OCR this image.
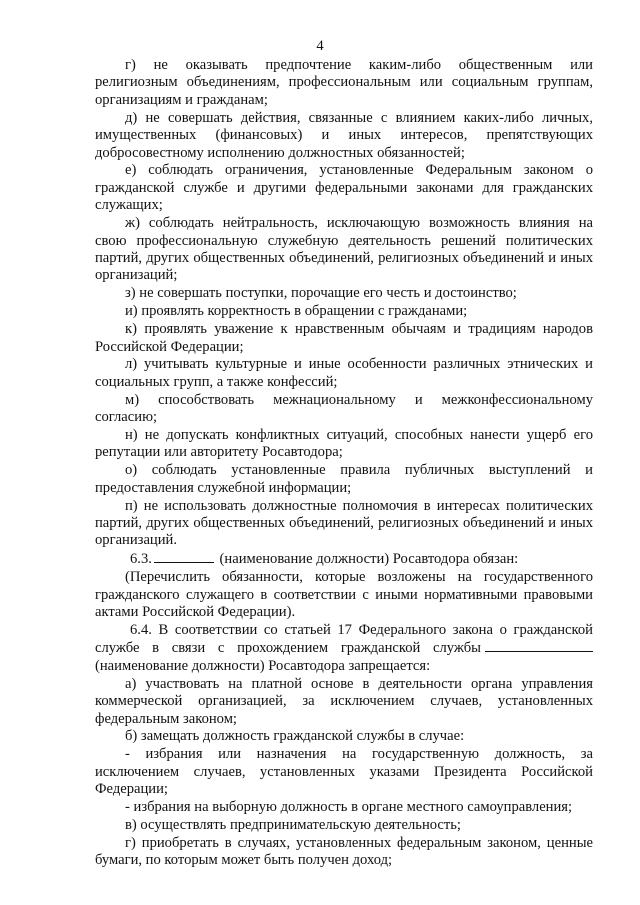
4

г) не оказывать предпочтение каким-либо общественным или религиозным объединениям, профессиональным или социальным группам, организациям и гражданам;

д) не совершать действия, связанные с влиянием каких-либо личных, имущественных (финансовых) и иных интересов, препятствующих добросовестному исполнению должностных обязанностей;

е) соблюдать ограничения, установленные Федеральным законом о гражданской службе и другими федеральными законами для гражданских служащих;

ж) соблюдать нейтральность, исключающую возможность влияния на свою профессиональную служебную деятельность решений политических партий, других общественных объединений, религиозных объединений и иных организаций;

з) не совершать поступки, порочащие его честь и достоинство;

и) проявлять корректность в обращении с гражданами;

к) проявлять уважение к нравственным обычаям и традициям народов Российской Федерации;

л) учитывать культурные и иные особенности различных этнических и социальных групп, а также конфессий;

м) способствовать межнациональному и межконфессиональному согласию;

н) не допускать конфликтных ситуаций, способных нанести ущерб его репутации или авторитету Росавтодора;

о) соблюдать установленные правила публичных выступлений и предоставления служебной информации;

п) не использовать должностные полномочия в интересах политических партий, других общественных объединений, религиозных объединений и иных организаций.

6.3.	(наименование должности) Росавтодора обязан:

(Перечислить обязанности, которые возложены на государственного гражданского служащего в соответствии с иными нормативными правовыми актами Российской Федерации).

6.4. В соответствии со статьей 17 Федерального закона о гражданской службе в связи с прохождением гражданской службы (наименование должности) Росавтодора запрещается:

а) участвовать на платной основе в деятельности органа управления коммерческой организацией, за исключением случаев, установленных федеральным законом;

б) замещать должность гражданской службы в случае:

- избрания или назначения на государственную должность, за исключением случаев, установленных указами Президента Российской Федерации;

- избрания на выборную должность в органе местного самоуправления;

в) осуществлять предпринимательскую деятельность;

г) приобретать в случаях, установленных федеральным законом, ценные бумаги, по которым может быть получен доход;
